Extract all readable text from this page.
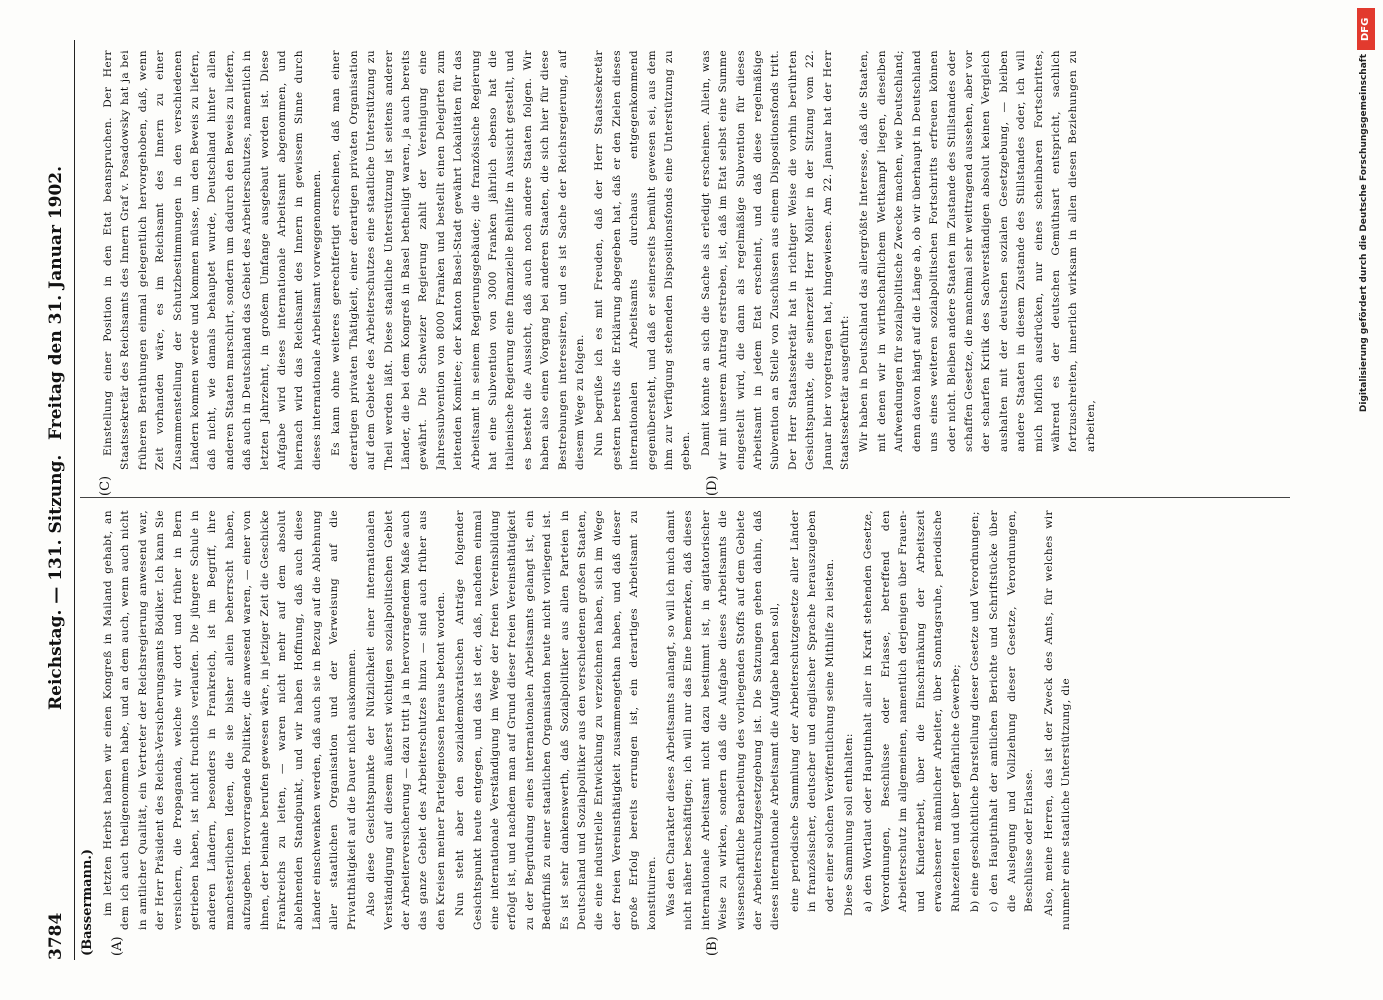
3784
Reichstag. — 131. Sitzung.
Freitag den 31. Januar 1902.
(Bassermann.) (A)	(B)
(C)	(D)

im letzten Herbst haben wir einen Kongreß in Mailand gehabt, an dem ich auch theilgenommen habe, und an dem auch, wenn auch nicht in amtlicher Qualität, ein Vertreter der Reichsregierung anwesend war, der Herr Präsident des Reichs-Versicherungsamts Bödiker. Ich kann Sie versichern, die Propaganda, welche wir dort und früher in Bern getrieben haben, ist nicht fruchtlos verlaufen. Die jüngere Schule in anderen Ländern, besonders in Frankreich, ist im Begriff, ihre manchesterlichen Ideen, die sie bisher allein beherrscht haben, aufzugeben. Hervorragende Politiker, die anwesend waren, — einer von ihnen, der beinahe berufen gewesen wäre, in jetziger Zeit die Geschicke Frankreichs zu leiten, — waren nicht mehr auf dem absolut ablehnenden Standpunkt, und wir haben Hoffnung, daß auch diese Länder einschwenken werden, daß auch sie in Bezug auf die Ablehnung aller staatlichen Organisation und der Verweisung auf die Privatthätigkeit auf die Dauer nicht auskommen. Also diese Gesichtspunkte der Nützlichkeit einer internationalen Verständigung auf diesem äußerst wichtigen sozialpolitischen Gebiet der Arbeiterversicherung — dazu tritt ja in hervorragendem Maße auch das ganze Gebiet des Arbeiterschutzes hinzu — sind auch früher aus den Kreisen meiner Parteigenossen heraus betont worden. Nun steht aber den sozialdemokratischen Anträge folgender Gesichtspunkt heute entgegen, und das ist der, daß, nachdem einmal eine internationale Verständigung im Wege der freien Vereinsbildung erfolgt ist, und nachdem man auf Grund dieser freien Vereinsthätigkeit zu der Begründung eines internationalen Arbeitsamts gelangt ist, ein Bedürfniß zu einer staatlichen Organisation heute nicht vorliegend ist. Es ist sehr dankenswerth, daß Sozialpolitiker aus allen Parteien in Deutschland und Sozialpolitiker aus den verschiedenen großen Staaten, die eine industrielle Entwicklung zu verzeichnen haben, sich im Wege der freien Vereinsthätigkeit zusammengethan haben, und daß dieser große Erfolg bereits errungen ist, ein derartiges Arbeitsamt zu konstituiren. Was den Charakter dieses Arbeitsamts anlangt, so will ich mich damit nicht näher beschäftigen; ich will nur das Eine bemerken, daß dieses internationale Arbeitsamt nicht dazu bestimmt ist, in agitatorischer Weise zu wirken, sondern daß die Aufgabe dieses Arbeitsamts die wissenschaftliche Bearbeitung des vorliegenden Stoffs auf dem Gebiete der Arbeiterschutzgesetzgebung ist. Die Satzungen gehen dahin, daß dieses internationale Arbeitsamt die Aufgabe haben soll, eine periodische Sammlung der Arbeiterschutzgesetze aller Länder in französischer, deutscher und englischer Sprache herauszugeben oder einer solchen Veröffentlichung seine Mithilfe zu leisten. Diese Sammlung soll enthalten: a) den Wortlaut oder Hauptinhalt aller in Kraft stehenden Gesetze, Verordnungen, Beschlüsse oder Erlasse, betreffend den Arbeiterschutz im allgemeinen, namentlich derjenigen über Frauen- und Kinderarbeit, über die Einschränkung der Arbeitszeit erwachsener männlicher Arbeiter, über Sonntagsruhe, periodische Ruhezeiten und über gefährliche Gewerbe; b) eine geschichtliche Darstellung dieser Gesetze und Verordnungen; c) den Hauptinhalt der amtlichen Berichte und Schriftstücke über die Auslegung und Vollziehung dieser Gesetze, Verordnungen, Beschlüsse oder Erlasse. Also, meine Herren, das ist der Zweck des Amts, für welches wir nunmehr eine staatliche Unterstützung, die

Einstellung einer Position in den Etat beanspruchen. Der Herr Staatssekretär des Reichsamts des Innern Graf v. Posadowsky hat ja bei früheren Berathungen einmal gelegentlich hervorgehoben, daß, wenn Zeit vorhanden wäre, es im Reichsamt des Innern zu einer Zusammenstellung der Schutzbestimmungen in den verschiedenen Ländern kommen werde und kommen müsse, um den Beweis zu liefern, daß nicht, wie damals behauptet wurde, Deutschland hinter allen anderen Staaten marschirt, sondern um dadurch den Beweis zu liefern, daß auch in Deutschland das Gebiet des Arbeiterschutzes, namentlich in letzten Jahrzehnt, in großem Umfange ausgebaut worden ist. Diese Aufgabe wird dieses internationale Arbeitsamt abgenommen, und hiernach wird das Reichsamt des Innern in gewissem Sinne durch dieses internationale Arbeitsamt vorweggenommen. Es kann ohne weiteres gerechtfertigt erscheinen, daß man einer derartigen privaten Thätigkeit, einer derartigen privaten Organisation auf dem Gebiete des Arbeiterschutzes eine staatliche Unterstützung zu Theil werden läßt. Diese staatliche Unterstützung ist seitens anderer Länder, die bei dem Kongreß in Basel betheiligt waren, ja auch bereits gewährt. Die Schweizer Regierung zahlt der Vereinigung eine Jahressubvention von 8000 Franken und bestellt einen Delegirten zum leitenden Komitee; der Kanton Basel-Stadt gewährt Lokalitäten für das Arbeitsamt in seinem Regierungsgebäude; die französische Regierung hat eine Subvention von 3000 Franken jährlich ebenso hat die italienische Regierung eine finanzielle Beihilfe in Aussicht gestellt, und es besteht die Aussicht, daß auch noch andere Staaten folgen. Wir haben also einen Vorgang bei anderen Staaten, die sich hier für diese Bestrebungen interessiren, und es ist Sache der Reichsregierung, auf diesem Wege zu folgen. Nun begrüße ich es mit Freuden, daß der Herr Staatssekretär gestern bereits die Erklärung abgegeben hat, daß er den Zielen dieses internationalen Arbeitsamts durchaus entgegenkommend gegenübersteht, und daß er seinerseits bemüht gewesen sei, aus dem ihm zur Verfügung stehenden Dispositionsfonds eine Unterstützung zu geben. Damit könnte an sich die Sache als erledigt erscheinen. Allein, was wir mit unserem Antrag erstreben, ist, daß im Etat selbst eine Summe eingestellt wird, die dann als regelmäßige Subvention für dieses Arbeitsamt in jedem Etat erscheint, und daß diese regelmäßige Subvention an Stelle von Zuschüssen aus einem Dispositionsfonds tritt. Der Herr Staatssekretär hat in richtiger Weise die vorhin berührten Gesichtspunkte, die seinerzeit Herr Möller in der Sitzung vom 22. Januar hier vorgetragen hat, hingewiesen. Am 22. Januar hat der Herr Staatssekretär ausgeführt: Wir haben in Deutschland das allergrößte Interesse, daß die Staaten, mit denen wir in wirthschaftlichem Wettkampf liegen, dieselben Aufwendungen für sozialpolitische Zwecke machen, wie Deutschland; denn davon hängt auf die Länge ab, ob wir überhaupt in Deutschland uns eines weiteren sozialpolitischen Fortschritts erfreuen können oder nicht. Bleiben andere Staaten im Zustande des Stillstandes oder schaffen Gesetze, die manchmal sehr weittragend aussehen, aber vor der scharfen Kritik des Sachverständigen absolut keinen Vergleich aushalten mit der deutschen sozialen Gesetzgebung, — bleiben andere Staaten in diesem Zustande des Stillstandes oder, ich will mich höflich ausdrücken, nur eines scheinbaren Fortschrittes, während es der deutschen Gemüthsart entspricht, sachlich fortzuschreiten, innerlich wirksam in allen diesen Beziehungen zu arbeiten,

DFG
Digitalisierung gefördert durch die Deutsche Forschungsgemeinschaft
